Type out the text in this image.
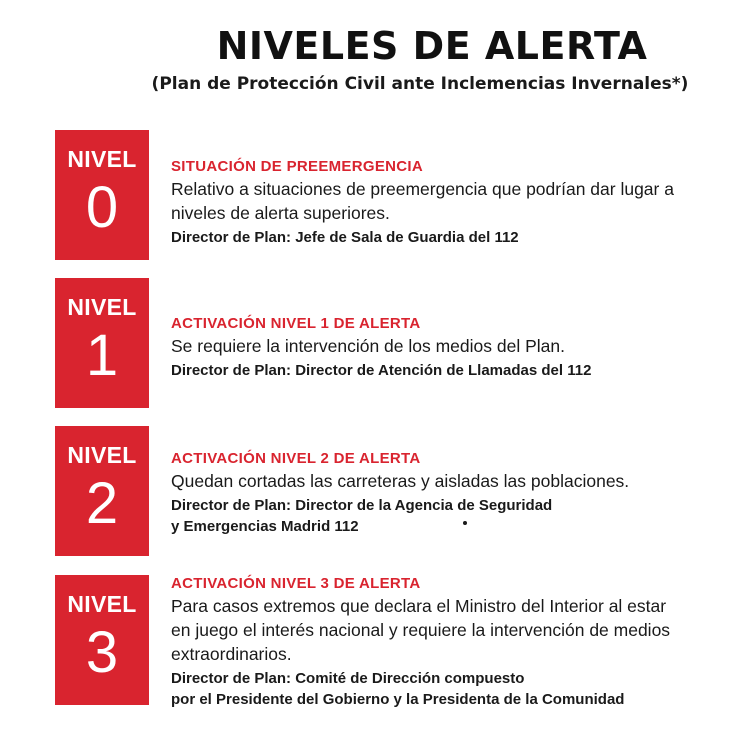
NIVELES DE ALERTA
(Plan de Protección Civil ante Inclemencias Invernales*)
NIVEL
0
SITUACIÓN DE PREEMERGENCIA
Relativo a situaciones de preemergencia que podrían dar lugar a
niveles de alerta superiores.
Director de Plan: Jefe de Sala de Guardia del 112
NIVEL
1	ACTIVACIÓN NIVEL 1 DE ALERTA
Se requiere la intervención de los medios del Plan.
Director de Plan: Director de Atención de Llamadas del 112
NIVEL
2
ACTIVACIÓN NIVEL 2 DE ALERTA
Quedan cortadas las carreteras y aisladas las poblaciones.
Director de Plan: Director de la Agencia de Seguridad
y Emergencias Madrid 112
NIVEL
3
ACTIVACIÓN NIVEL 3 DE ALERTA
Para casos extremos que declara el Ministro del Interior al estar
en juego el interés nacional y requiere la intervención de medios
extraordinarios.
Director de Plan: Comité de Dirección compuesto
por el Presidente del Gobierno y la Presidenta de la Comunidad
